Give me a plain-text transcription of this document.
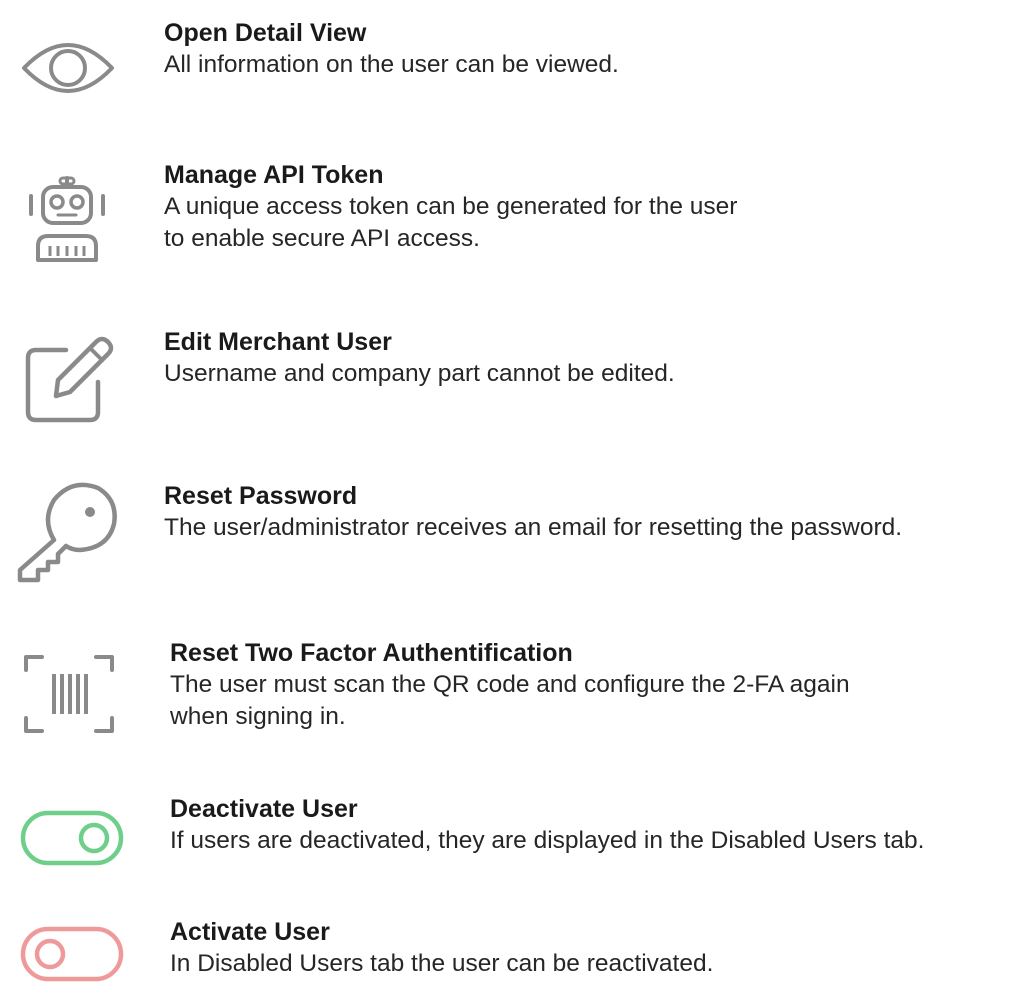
Open Detail View
All information on the user can be viewed.
Manage API Token
A unique access token can be generated for the user
to enable secure API access.
Edit Merchant User
Username and company part cannot be edited.
Reset Password
The user/administrator receives an email for resetting the password.
Reset Two Factor Authentification
The user must scan the QR code and configure the 2-FA again
when signing in.
Deactivate User
If users are deactivated, they are displayed in the Disabled Users tab.
Activate User
In Disabled Users tab the user can be reactivated.
